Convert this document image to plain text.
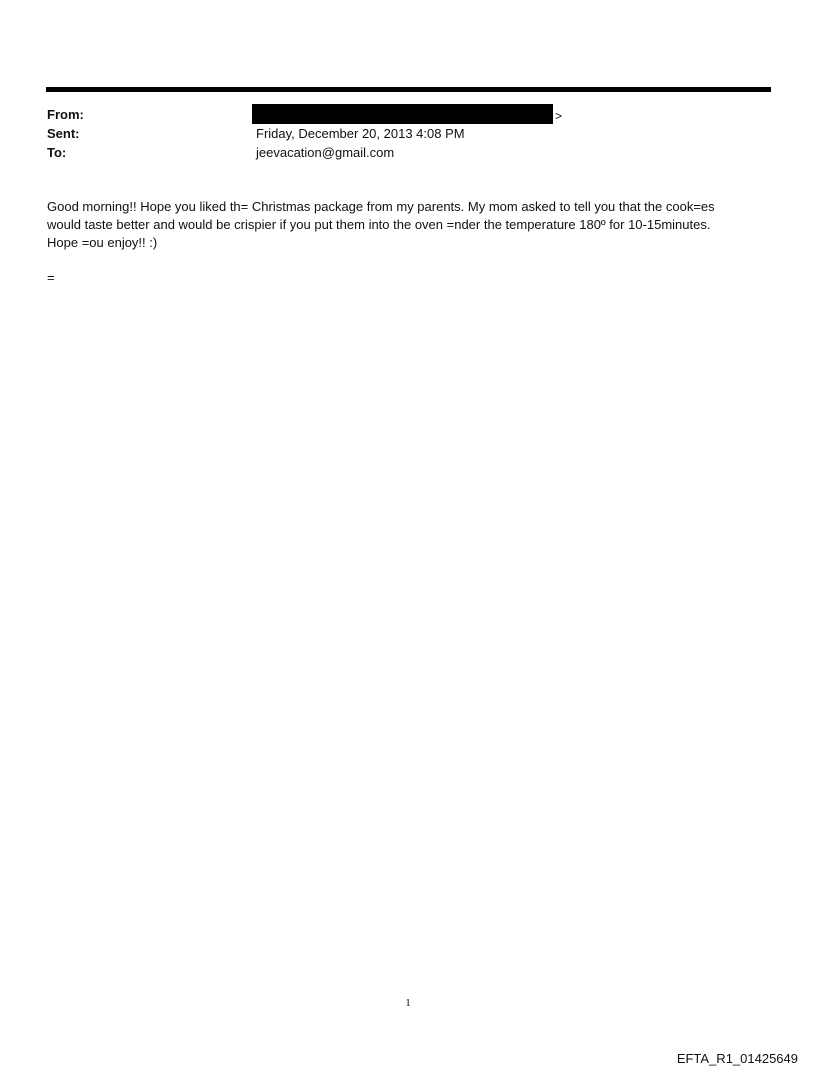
From:	>
Sent:	Friday, December 20, 2013 4:08 PM
To:	jeevacation@gmail.com
Good morning!! Hope you liked th= Christmas package from my parents. My mom asked to tell you that the cook=es
would taste better and would be crispier if you put them into the oven =nder the temperature 180º for 10-15minutes.
Hope =ou enjoy!! :)
=
1
EFTA_R1_01425649
